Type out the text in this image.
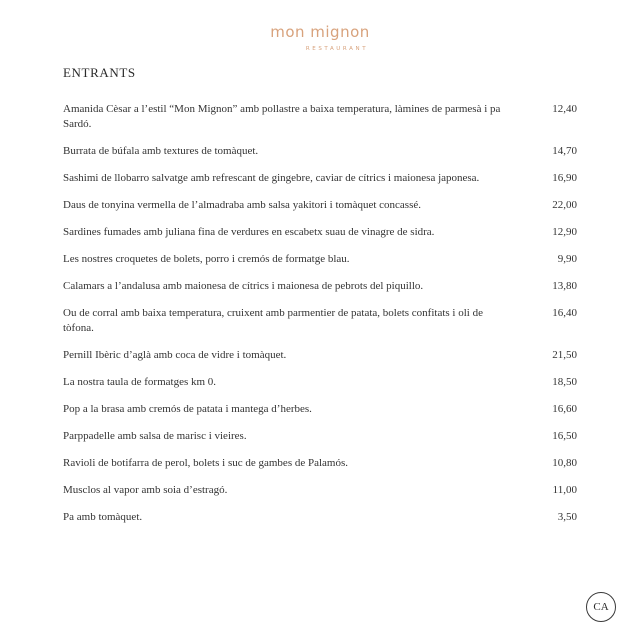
mon mignon
RESTAURANT
ENTRANTS
Amanida Cèsar a l’estil “Mon Mignon” amb pollastre a baixa temperatura, làmines de parmesà i pa Sardó.
12,40
Burrata de búfala amb textures de tomàquet.	14,70
Sashimi de llobarro salvatge amb refrescant de gingebre, caviar de cítrics i maionesa japonesa.	16,90
Daus de tonyina vermella de l’almadraba amb salsa yakitori i tomàquet concassé.	22,00
Sardines fumades amb juliana fina de verdures en escabetx suau de vinagre de sidra.	12,90
Les nostres croquetes de bolets, porro i cremós de formatge blau.	9,90
Calamars a l’andalusa amb maionesa de cítrics i maionesa de pebrots del piquillo.	13,80
Ou de corral amb baixa temperatura, cruixent amb parmentier de patata, bolets confitats i oli de tòfona.
16,40
Pernill Ibèric d’aglà amb coca de vidre i tomàquet.	21,50
La nostra taula de formatges km 0.	18,50
Pop a la brasa amb cremós de patata i mantega d’herbes.	16,60
Parppadelle amb salsa de marisc i vieires.	16,50
Ravioli de botifarra de perol, bolets i suc de gambes de Palamós.	10,80
Musclos al vapor amb soia d’estragó.	11,00
Pa amb tomàquet.	3,50
CA
